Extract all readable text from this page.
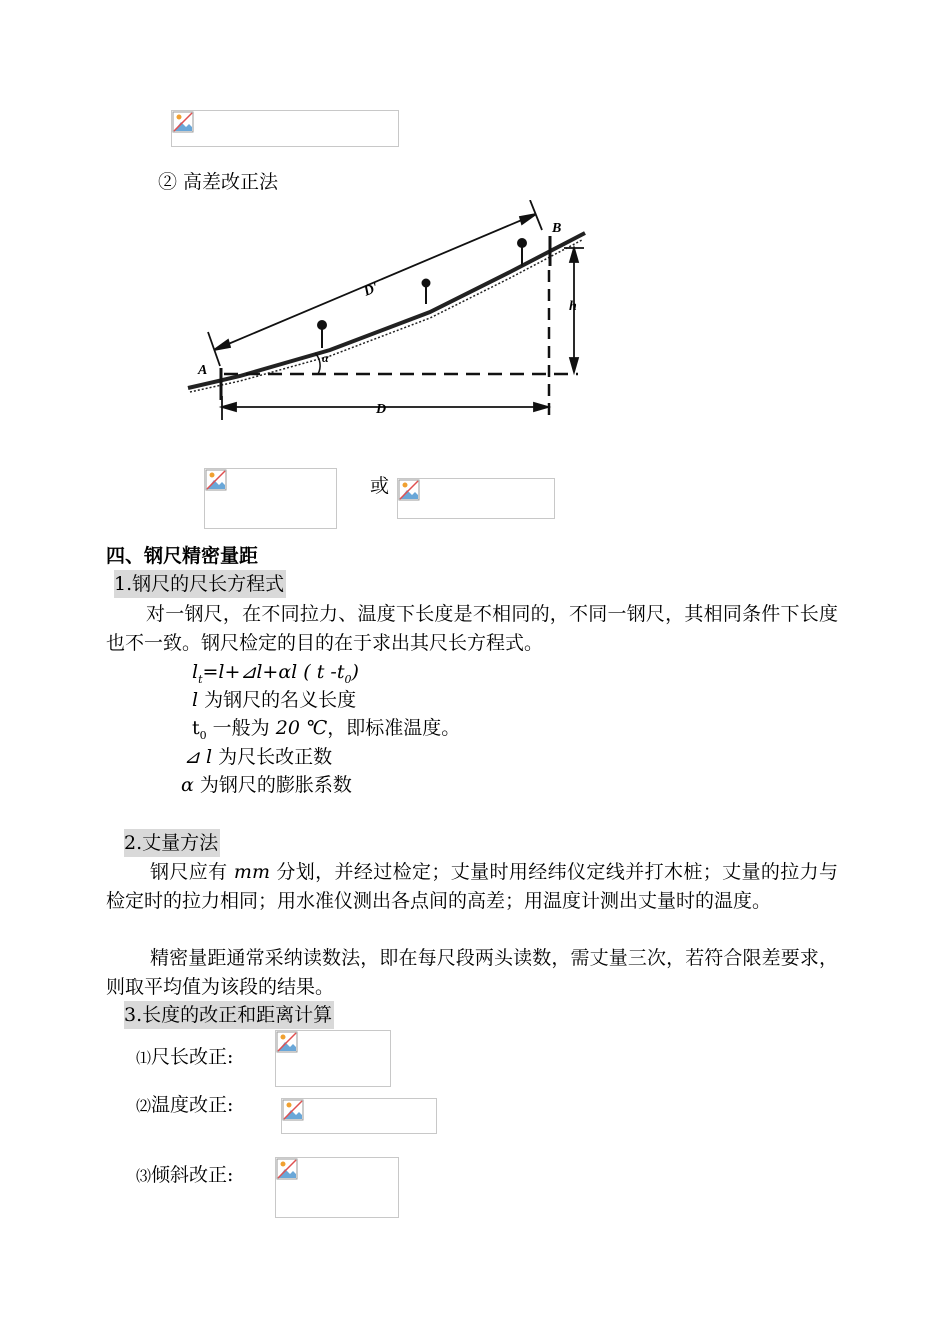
② 高差改正法
A
B
D'
D
h
α
或
四、钢尺精密量距
1.钢尺的尺长方程式
对一钢尺，在不同拉力、温度下长度是不相同的，不同一钢尺，其相同条件下长度也不一致。钢尺检定的目的在于求出其尺长方程式。
$l_t=l+⊿l+\alpha l$ ( t $-t_0$)
l 为钢尺的名义长度
$t_0$ 一般为 20 ℃，即标准温度。
⊿ l 为尺长改正数
α 为钢尺的膨胀系数
2.丈量方法
钢尺应有 mm 分划，并经过检定；丈量时用经纬仪定线并打木桩；丈量的拉力与检定时的拉力相同；用水准仪测出各点间的高差；用温度计测出丈量时的温度。
精密量距通常采纳读数法，即在每尺段两头读数，需丈量三次，若符合限差要求，则取平均值为该段的结果。
3.长度的改正和距离计算
⑴尺长改正:
⑵温度改正:
⑶倾斜改正:
